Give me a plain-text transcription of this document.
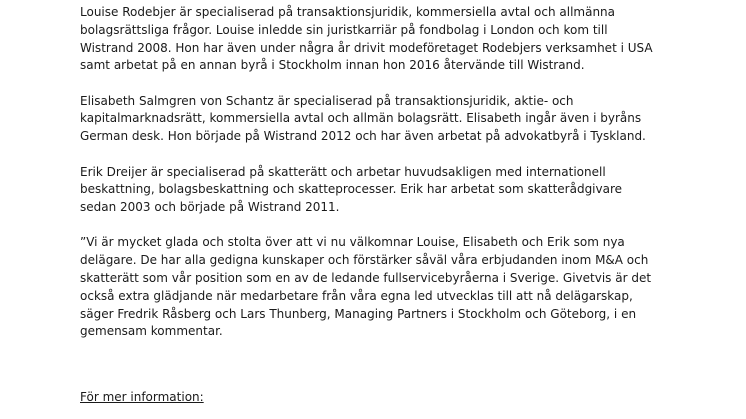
Louise Rodebjer är specialiserad på transaktionsjuridik, kommersiella avtal och allmänna
bolagsrättsliga frågor. Louise inledde sin juristkarriär på fondbolag i London och kom till
Wistrand 2008. Hon har även under några år drivit modeföretaget Rodebjers verksamhet i USA
samt arbetat på en annan byrå i Stockholm innan hon 2016 återvände till Wistrand.

Elisabeth Salmgren von Schantz är specialiserad på transaktionsjuridik, aktie- och
kapitalmarknadsrätt, kommersiella avtal och allmän bolagsrätt. Elisabeth ingår även i byråns
German desk. Hon började på Wistrand 2012 och har även arbetat på advokatbyrå i Tyskland.

Erik Dreijer är specialiserad på skatterätt och arbetar huvudsakligen med internationell
beskattning, bolagsbeskattning och skatteprocesser. Erik har arbetat som skatterådgivare
sedan 2003 och började på Wistrand 2011.

”Vi är mycket glada och stolta över att vi nu välkomnar Louise, Elisabeth och Erik som nya
delägare. De har alla gedigna kunskaper och förstärker såväl våra erbjudanden inom M&A och
skatterätt som vår position som en av de ledande fullservicebyråerna i Sverige. Givetvis är det
också extra glädjande när medarbetare från våra egna led utvecklas till att nå delägarskap,
säger Fredrik Råsberg och Lars Thunberg, Managing Partners i Stockholm och Göteborg, i en
gemensam kommentar.

För mer information:
